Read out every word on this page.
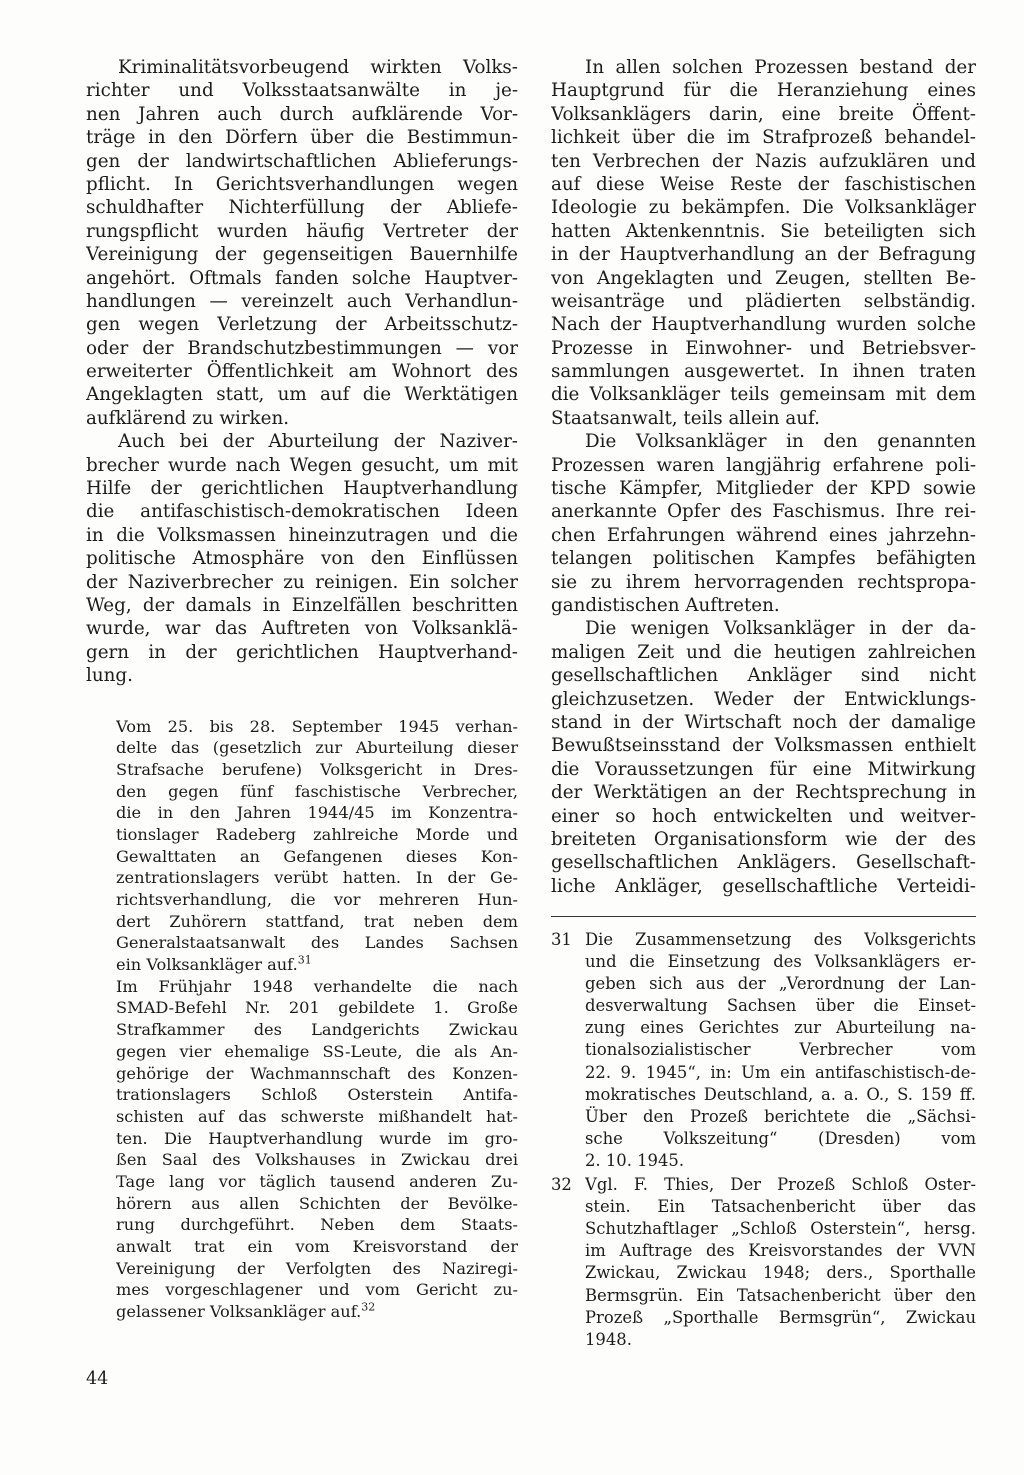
Kriminalitätsvorbeugend wirkten Volks-
richter und Volksstaatsanwälte in je-
nen Jahren auch durch aufklärende Vor-
träge in den Dörfern über die Bestimmun-
gen der landwirtschaftlichen Ablieferungs-
pflicht. In Gerichtsverhandlungen wegen
schuldhafter Nichterfüllung der Abliefe-
rungspflicht wurden häufig Vertreter der
Vereinigung der gegenseitigen Bauernhilfe
angehört. Oftmals fanden solche Hauptver-
handlungen — vereinzelt auch Verhandlun-
gen wegen Verletzung der Arbeitsschutz-
oder der Brandschutzbestimmungen — vor
erweiterter Öffentlichkeit am Wohnort des
Angeklagten statt, um auf die Werktätigen
aufklärend zu wirken.
Auch bei der Aburteilung der Naziver-
brecher wurde nach Wegen gesucht, um mit
Hilfe der gerichtlichen Hauptverhandlung
die antifaschistisch-demokratischen Ideen
in die Volksmassen hineinzutragen und die
politische Atmosphäre von den Einflüssen
der Naziverbrecher zu reinigen. Ein solcher
Weg, der damals in Einzelfällen beschritten
wurde, war das Auftreten von Volksanklä-
gern in der gerichtlichen Hauptverhand-
lung.
Vom 25. bis 28. September 1945 verhan-
delte das (gesetzlich zur Aburteilung dieser
Strafsache berufene) Volksgericht in Dres-
den gegen fünf faschistische Verbrecher,
die in den Jahren 1944/45 im Konzentra-
tionslager Radeberg zahlreiche Morde und
Gewalttaten an Gefangenen dieses Kon-
zentrationslagers verübt hatten. In der Ge-
richtsverhandlung, die vor mehreren Hun-
dert Zuhörern stattfand, trat neben dem
Generalstaatsanwalt des Landes Sachsen
ein Volksankläger auf.$^{31}$
Im Frühjahr 1948 verhandelte die nach
SMAD-Befehl Nr. 201 gebildete 1. Große
Strafkammer des Landgerichts Zwickau
gegen vier ehemalige SS-Leute, die als An-
gehörige der Wachmannschaft des Konzen-
trationslagers Schloß Osterstein Antifa-
schisten auf das schwerste mißhandelt hat-
ten. Die Hauptverhandlung wurde im gro-
ßen Saal des Volkshauses in Zwickau drei
Tage lang vor täglich tausend anderen Zu-
hörern aus allen Schichten der Bevölke-
rung durchgeführt. Neben dem Staats-
anwalt trat ein vom Kreisvorstand der
Vereinigung der Verfolgten des Naziregi-
mes vorgeschlagener und vom Gericht zu-
gelassener Volksankläger auf.$^{32}$
In allen solchen Prozessen bestand der
Hauptgrund für die Heranziehung eines
Volksanklägers darin, eine breite Öffent-
lichkeit über die im Strafprozeß behandel-
ten Verbrechen der Nazis aufzuklären und
auf diese Weise Reste der faschistischen
Ideologie zu bekämpfen. Die Volksankläger
hatten Aktenkenntnis. Sie beteiligten sich
in der Hauptverhandlung an der Befragung
von Angeklagten und Zeugen, stellten Be-
weisanträge und plädierten selbständig.
Nach der Hauptverhandlung wurden solche
Prozesse in Einwohner- und Betriebsver-
sammlungen ausgewertet. In ihnen traten
die Volksankläger teils gemeinsam mit dem
Staatsanwalt, teils allein auf.
Die Volksankläger in den genannten
Prozessen waren langjährig erfahrene poli-
tische Kämpfer, Mitglieder der KPD sowie
anerkannte Opfer des Faschismus. Ihre rei-
chen Erfahrungen während eines jahrzehn-
telangen politischen Kampfes befähigten
sie zu ihrem hervorragenden rechtspropa-
gandistischen Auftreten.
Die wenigen Volksankläger in der da-
maligen Zeit und die heutigen zahlreichen
gesellschaftlichen Ankläger sind nicht
gleichzusetzen. Weder der Entwicklungs-
stand in der Wirtschaft noch der damalige
Bewußtseinsstand der Volksmassen enthielt
die Voraussetzungen für eine Mitwirkung
der Werktätigen an der Rechtsprechung in
einer so hoch entwickelten und weitver-
breiteten Organisationsform wie der des
gesellschaftlichen Anklägers. Gesellschaft-
liche Ankläger, gesellschaftliche Verteidi-
31 Die Zusammensetzung des Volksgerichts
und die Einsetzung des Volksanklägers er-
geben sich aus der „Verordnung der Lan-
desverwaltung Sachsen über die Einset-
zung eines Gerichtes zur Aburteilung na-
tionalsozialistischer Verbrecher vom
22. 9. 1945“, in: Um ein antifaschistisch-de-
mokratisches Deutschland, a. a. O., S. 159 ff.
Über den Prozeß berichtete die „Sächsi-
sche Volkszeitung“ (Dresden) vom
2. 10. 1945.
32 Vgl. F. Thies, Der Prozeß Schloß Oster-
stein. Ein Tatsachenbericht über das
Schutzhaftlager „Schloß Osterstein“, hersg.
im Auftrage des Kreisvorstandes der VVN
Zwickau, Zwickau 1948; ders., Sporthalle
Bermsgrün. Ein Tatsachenbericht über den
Prozeß „Sporthalle Bermsgrün“, Zwickau
1948.
44
